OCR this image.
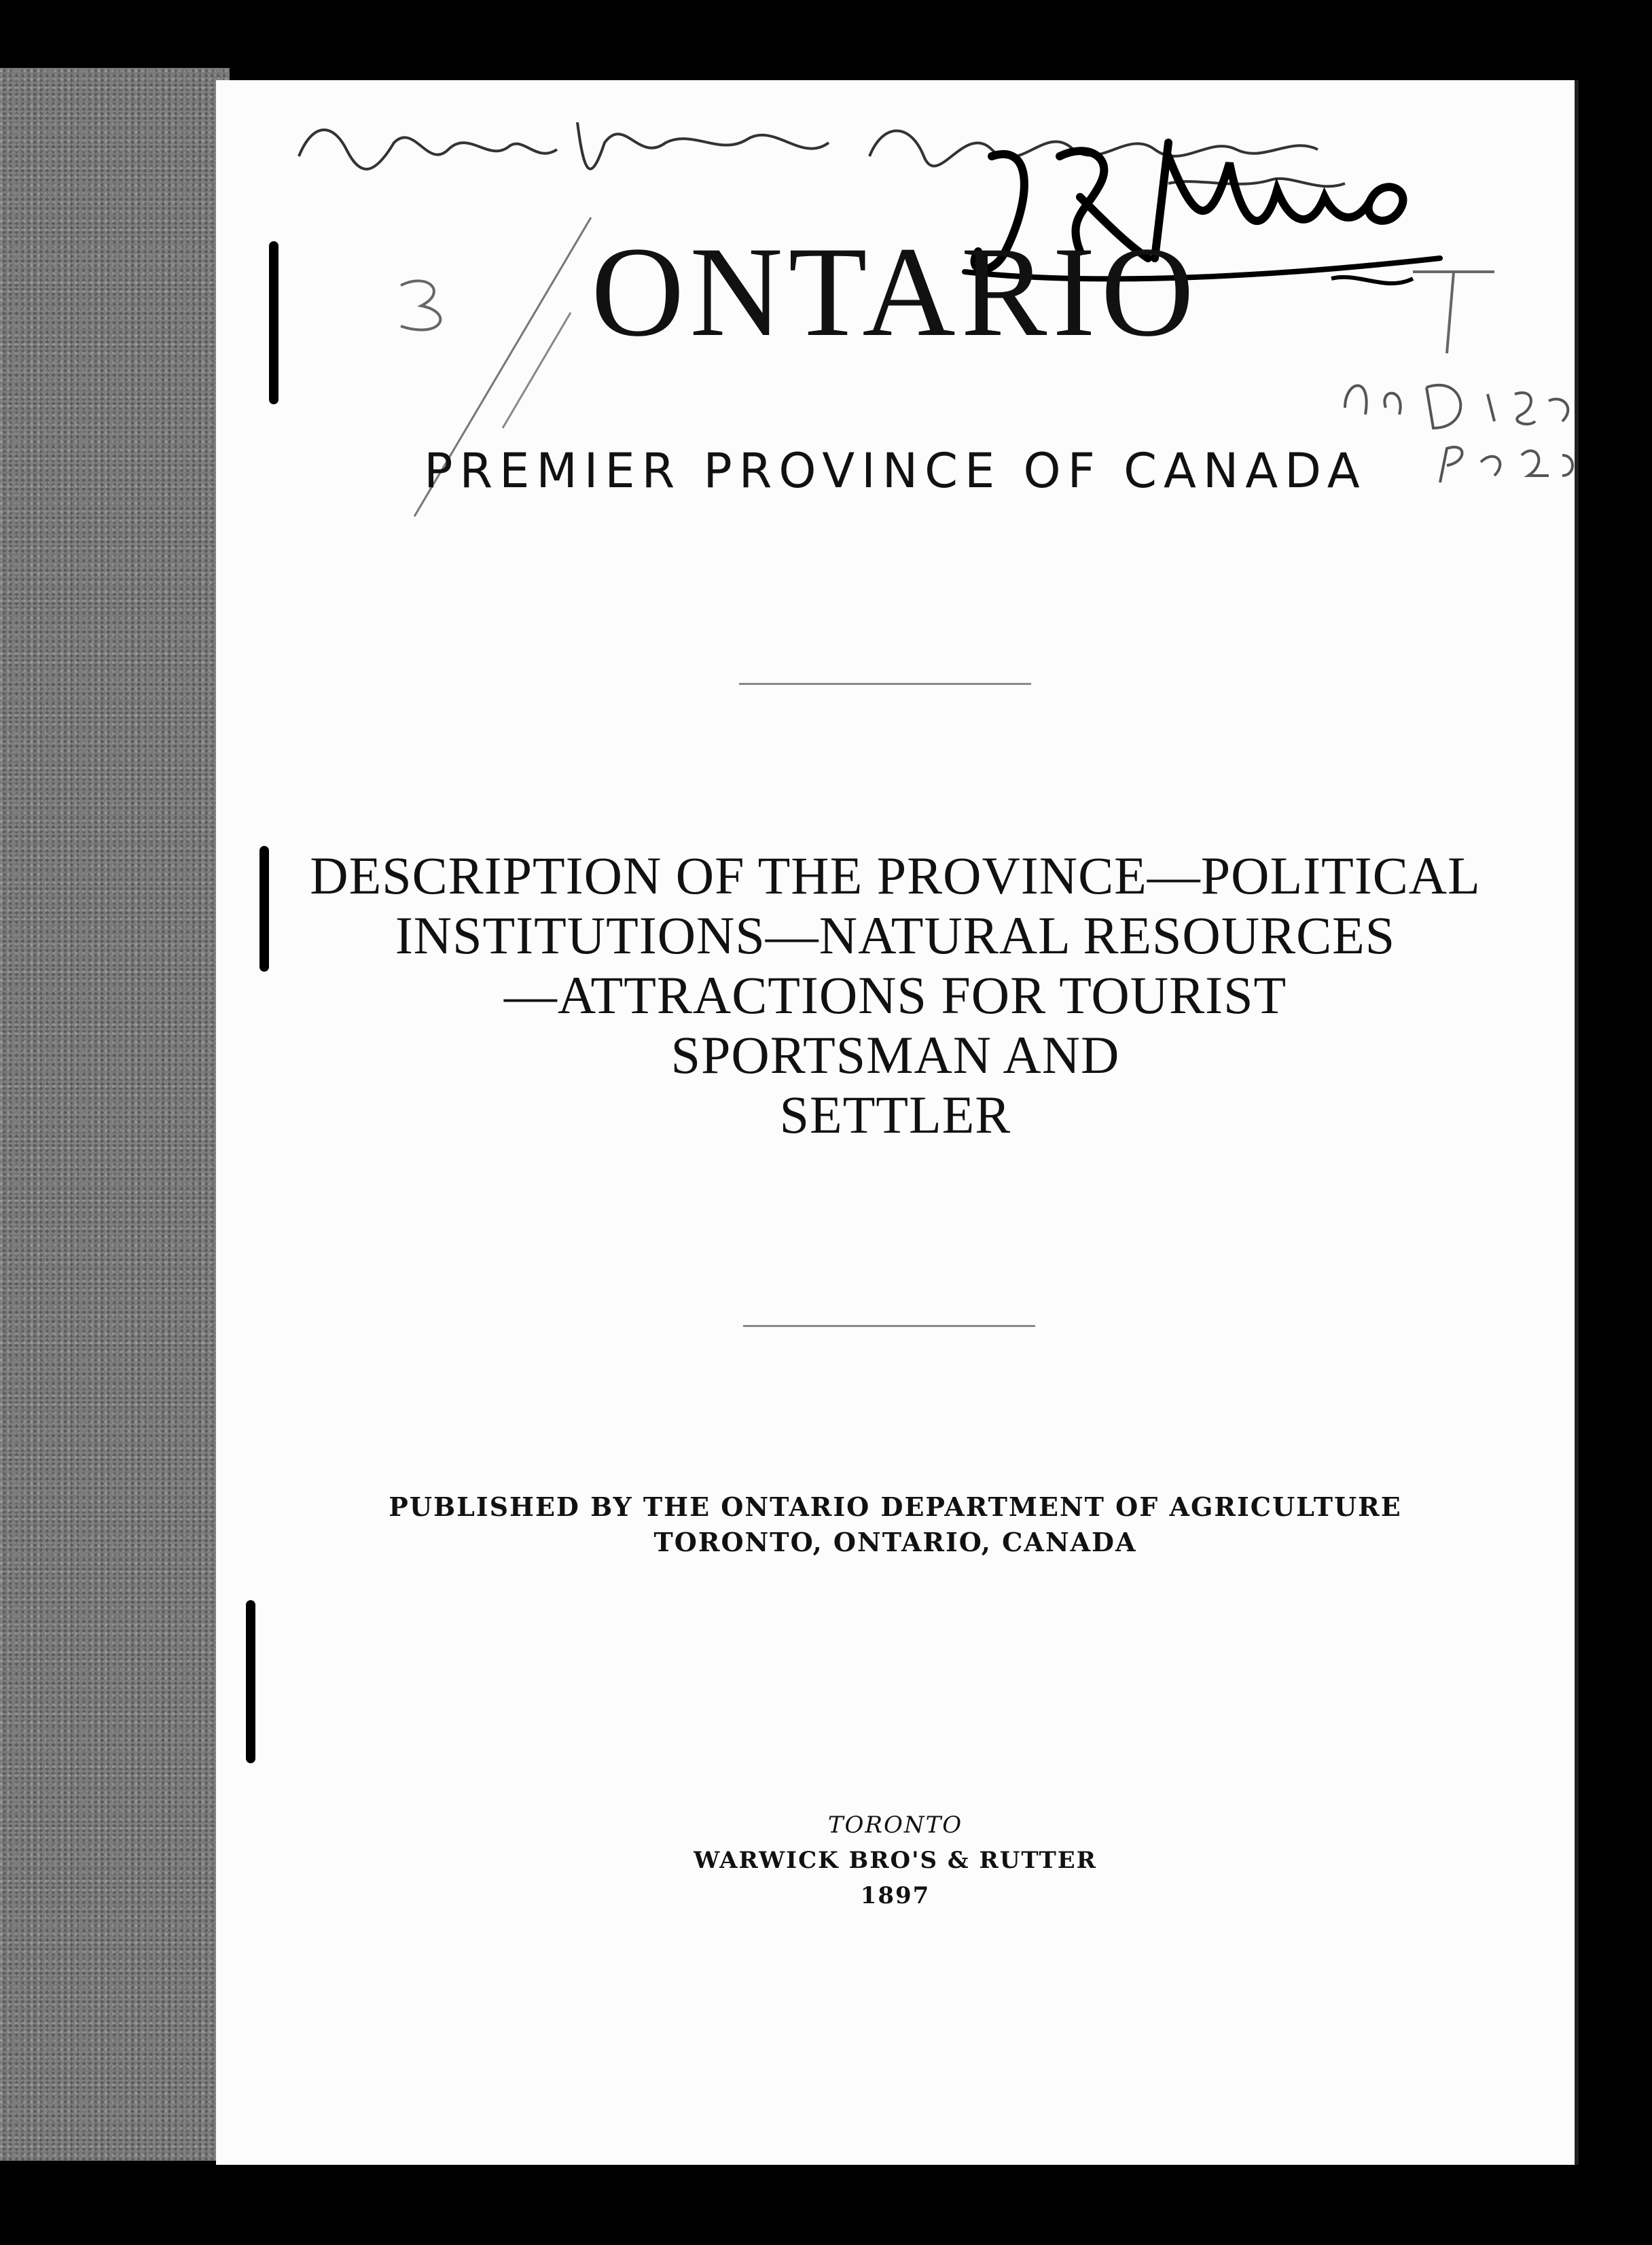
ONTARIO
PREMIER PROVINCE OF CANADA
DESCRIPTION OF THE PROVINCE—POLITICAL
INSTITUTIONS—NATURAL RESOURCES
—ATTRACTIONS FOR TOURIST
SPORTSMAN AND
SETTLER
PUBLISHED BY THE ONTARIO DEPARTMENT OF AGRICULTURE
TORONTO, ONTARIO, CANADA
TORONTO
WARWICK BRO'S & RUTTER
1897
